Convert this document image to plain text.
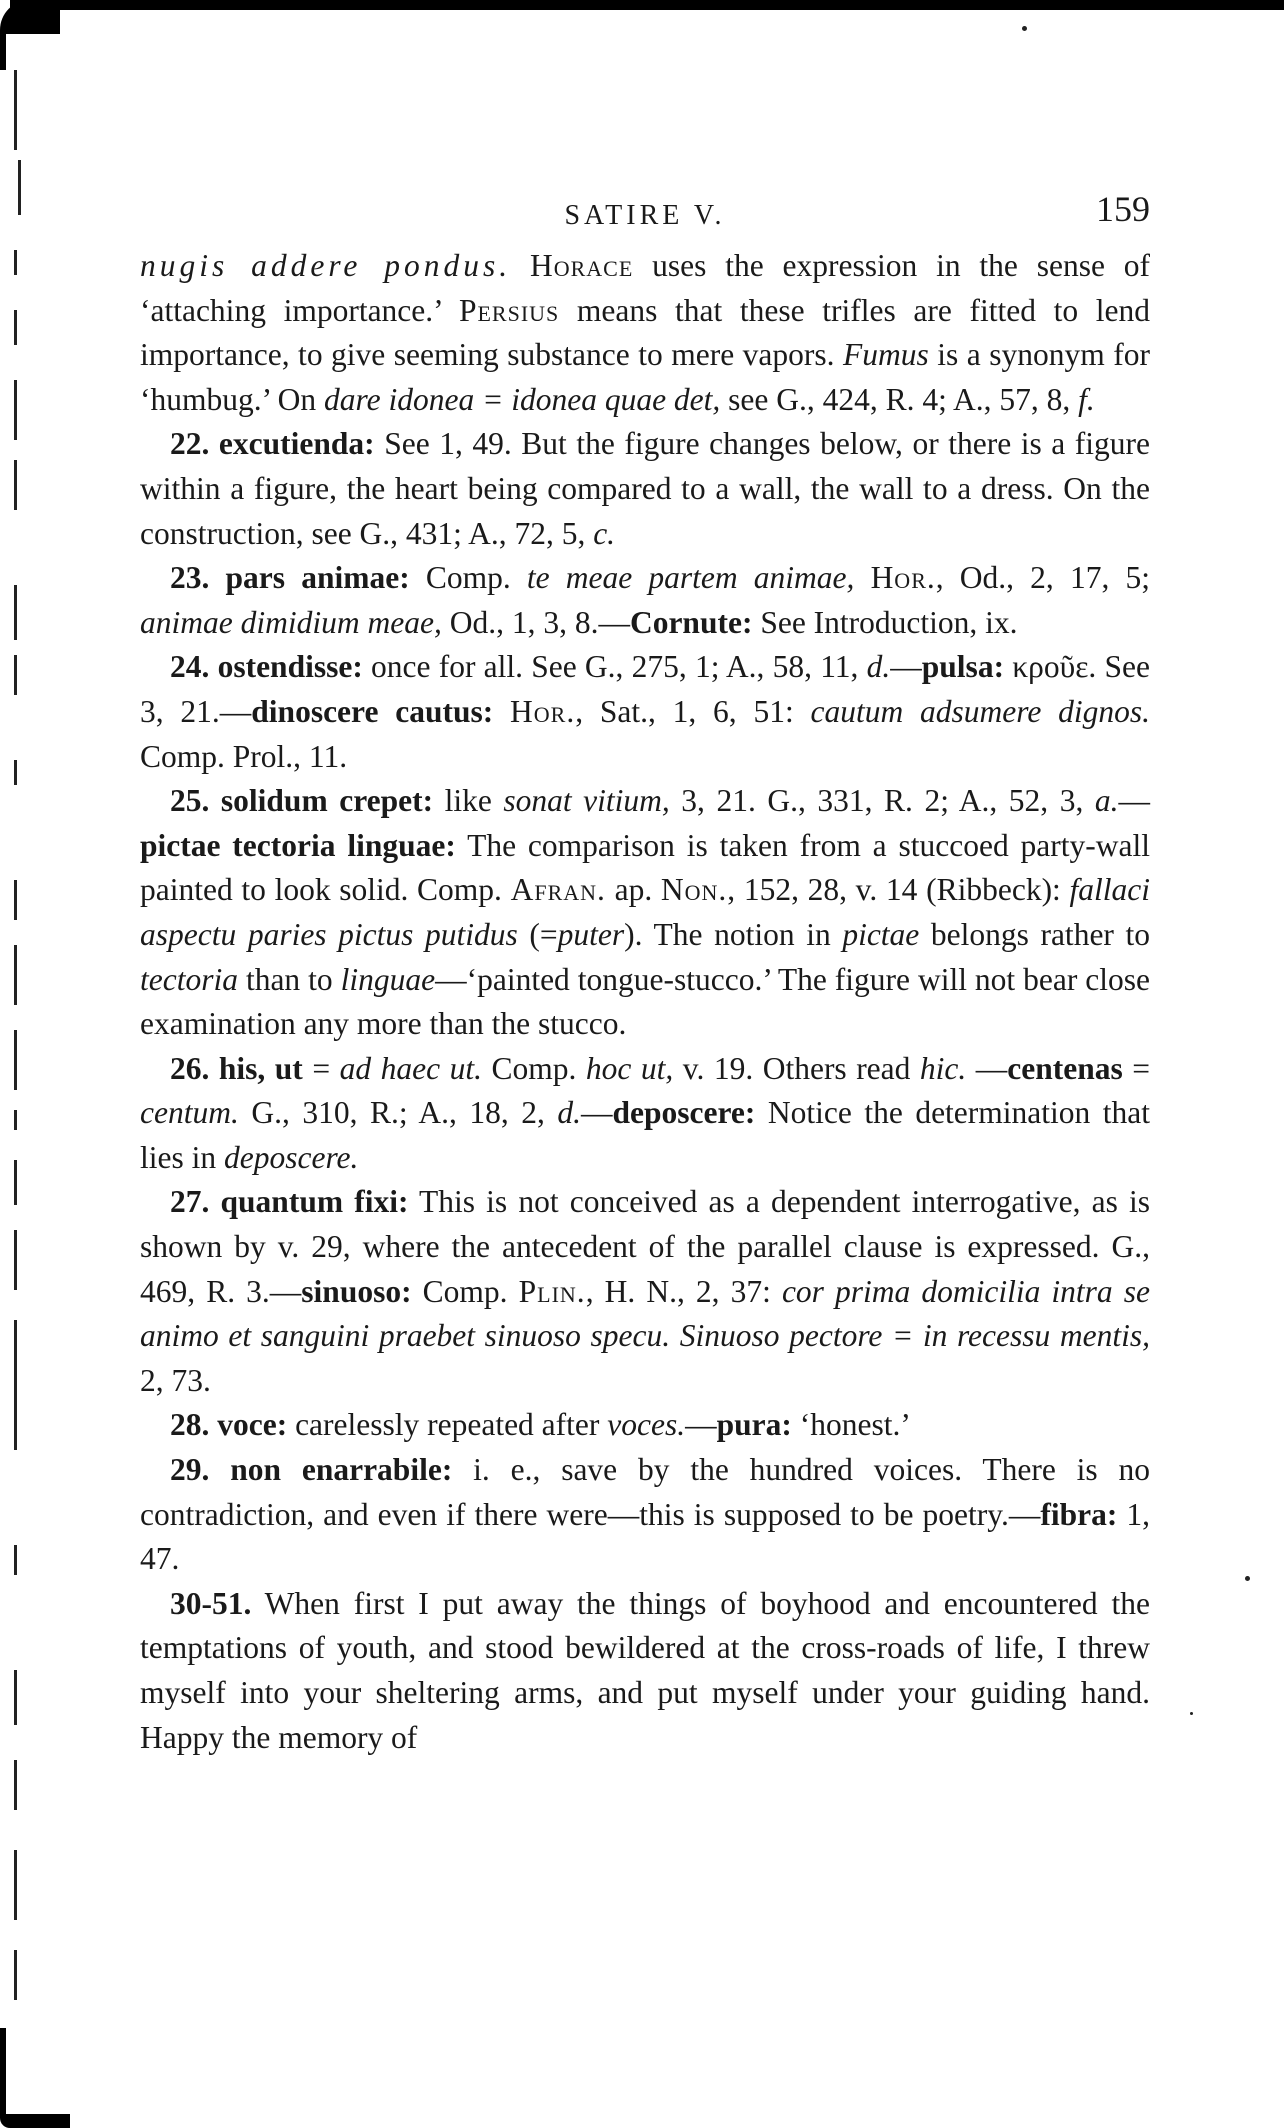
SATIRE V.	159

nugis addere pondus. Horace uses the expression in the sense of ‘attaching importance.’ Persius means that these trifles are fitted to lend importance, to give seeming substance to mere vapors. Fumus is a synonym for ‘humbug.’ On dare idonea = idonea quae det, see G., 424, R. 4; A., 57, 8, f.

22. excutienda: See 1, 49. But the figure changes below, or there is a figure within a figure, the heart being compared to a wall, the wall to a dress. On the construction, see G., 431; A., 72, 5, c.

23. pars animae: Comp. te meae partem animae, Hor., Od., 2, 17, 5; animae dimidium meae, Od., 1, 3, 8.—Cornute: See Introduction, ix.

24. ostendisse: once for all. See G., 275, 1; A., 58, 11, d.—pulsa: κροῦε. See 3, 21.—dinoscere cautus: Hor., Sat., 1, 6, 51: cautum adsumere dignos. Comp. Prol., 11.

25. solidum crepet: like sonat vitium, 3, 21. G., 331, R. 2; A., 52, 3, a.—pictae tectoria linguae: The comparison is taken from a stuccoed party-wall painted to look solid. Comp. Afran. ap. Non., 152, 28, v. 14 (Ribbeck): fallaci aspectu paries pictus putidus (=puter). The notion in pictae belongs rather to tectoria than to linguae—‘painted tongue-stucco.’ The figure will not bear close examination any more than the stucco.

26. his, ut = ad haec ut. Comp. hoc ut, v. 19. Others read hic. —centenas = centum. G., 310, R.; A., 18, 2, d.—deposcere: Notice the determination that lies in deposcere.

27. quantum fixi: This is not conceived as a dependent interrogative, as is shown by v. 29, where the antecedent of the parallel clause is expressed. G., 469, R. 3.—sinuoso: Comp. Plin., H. N., 2, 37: cor prima domicilia intra se animo et sanguini praebet sinuoso specu. Sinuoso pectore = in recessu mentis, 2, 73.

28. voce: carelessly repeated after voces.—pura: ‘honest.’

29. non enarrabile: i. e., save by the hundred voices. There is no contradiction, and even if there were—this is supposed to be poetry.—fibra: 1, 47.

30-51. When first I put away the things of boyhood and encountered the temptations of youth, and stood bewildered at the cross-roads of life, I threw myself into your sheltering arms, and put myself under your guiding hand. Happy the memory of
